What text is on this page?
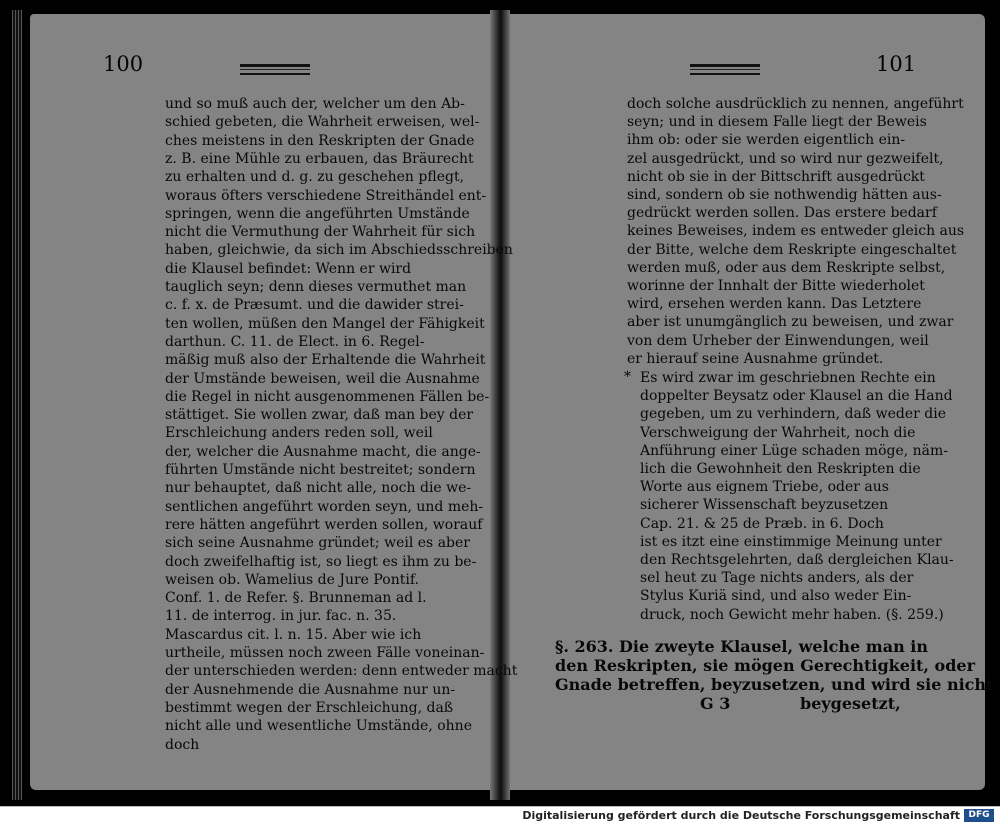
100	101
und so muß auch der, welcher um den Ab-
schied gebeten, die Wahrheit erweisen, wel-
ches meistens in den Reskripten der Gnade
z. B. eine Mühle zu erbauen, das Bräurecht
zu erhalten und d. g. zu geschehen pflegt,
woraus öfters verschiedene Streithändel ent-
springen, wenn die angeführten Umstände
nicht die Vermuthung der Wahrheit für sich
haben, gleichwie, da sich im Abschiedsschreiben
die Klausel befindet: Wenn er wird
tauglich seyn; denn dieses vermuthet man
c. f. x. de Præsumt. und die dawider strei-
ten wollen, müßen den Mangel der Fähigkeit
darthun. C. 11. de Elect. in 6. Regel-
mäßig muß also der Erhaltende die Wahrheit
der Umstände beweisen, weil die Ausnahme
die Regel in nicht ausgenommenen Fällen be-
stättiget. Sie wollen zwar, daß man bey der
Erschleichung anders reden soll, weil
der, welcher die Ausnahme macht, die ange-
führten Umstände nicht bestreitet; sondern
nur behauptet, daß nicht alle, noch die we-
sentlichen angeführt worden seyn, und meh-
rere hätten angeführt werden sollen, worauf
sich seine Ausnahme gründet; weil es aber
doch zweifelhaftig ist, so liegt es ihm zu be-
weisen ob. Wamelius de Jure Pontif.
Conf. 1. de Refer. §. Brunneman ad l.
11. de interrog. in jur. fac. n. 35.
Mascardus cit. l. n. 15. Aber wie ich
urtheile, müssen noch zween Fälle voneinan-
der unterschieden werden: denn entweder macht
der Ausnehmende die Ausnahme nur un-
bestimmt wegen der Erschleichung, daß
nicht alle und wesentliche Umstände, ohne
doch
doch solche ausdrücklich zu nennen, angeführt
seyn; und in diesem Falle liegt der Beweis
ihm ob: oder sie werden eigentlich ein-
zel ausgedrückt, und so wird nur gezweifelt,
nicht ob sie in der Bittschrift ausgedrückt
sind, sondern ob sie nothwendig hätten aus-
gedrückt werden sollen. Das erstere bedarf
keines Beweises, indem es entweder gleich aus
der Bitte, welche dem Reskripte eingeschaltet
werden muß, oder aus dem Reskripte selbst,
worinne der Innhalt der Bitte wiederholet
wird, ersehen werden kann. Das Letztere
aber ist unumgänglich zu beweisen, und zwar
von dem Urheber der Einwendungen, weil
er hierauf seine Ausnahme gründet.
* Es wird zwar im geschriebnen Rechte ein
doppelter Beysatz oder Klausel an die Hand
gegeben, um zu verhindern, daß weder die
Verschweigung der Wahrheit, noch die
Anführung einer Lüge schaden möge, näm-
lich die Gewohnheit den Reskripten die
Worte aus eignem Triebe, oder aus
sicherer Wissenschaft beyzusetzen
Cap. 21. & 25 de Præb. in 6. Doch
ist es itzt eine einstimmige Meinung unter
den Rechtsgelehrten, daß dergleichen Klau-
sel heut zu Tage nichts anders, als der
Stylus Kuriä sind, und also weder Ein-
druck, noch Gewicht mehr haben. (§. 259.)
§. 263. Die zweyte Klausel, welche man in
den Reskripten, sie mögen Gerechtigkeit, oder
Gnade betreffen, beyzusetzen, und wird sie nicht
G 3	beygesetzt,
Digitalisierung gefördert durch die Deutsche Forschungsgemeinschaft DFG
